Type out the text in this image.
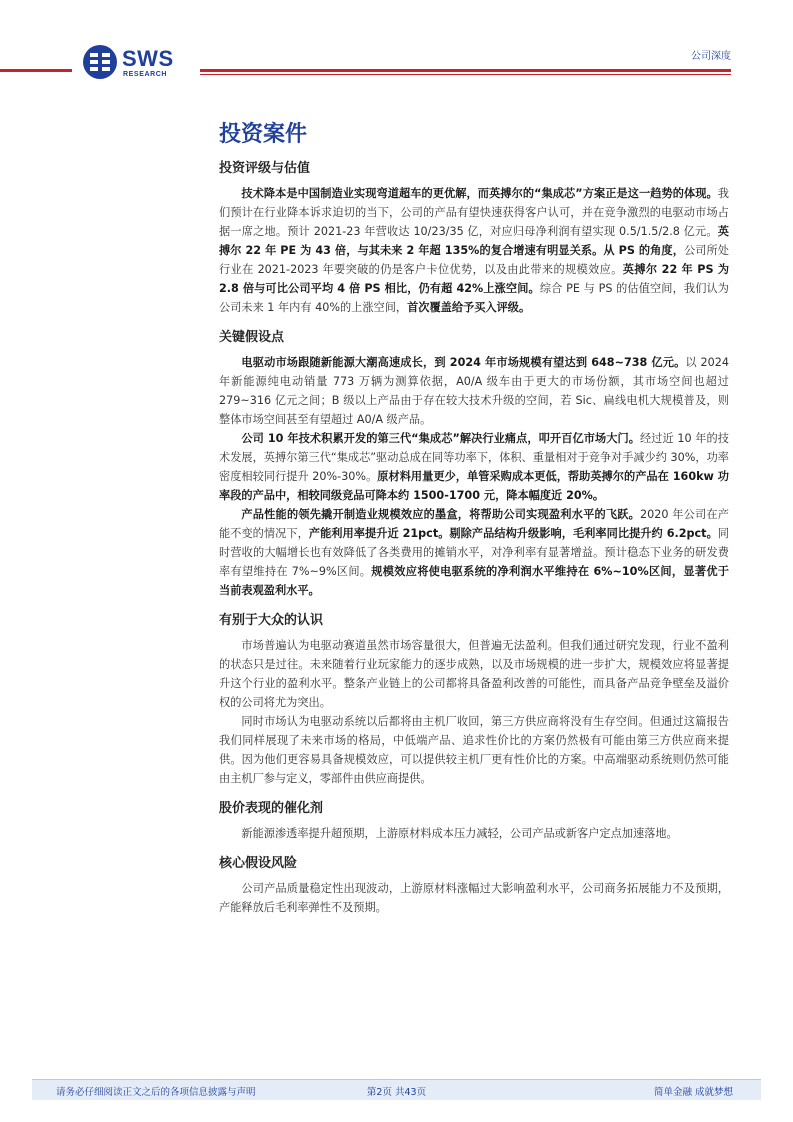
SWS
RESEARCH
公司深度
投资案件
投资评级与估值

技术降本是中国制造业实现弯道超车的更优解，而英搏尔的“集成芯”方案正是这一趋势的体现。我们预计在行业降本诉求迫切的当下，公司的产品有望快速获得客户认可，并在竞争激烈的电驱动市场占据一席之地。预计 2021-23 年营收达 10/23/35 亿，对应归母净利润有望实现 0.5/1.5/2.8 亿元。英搏尔 22 年 PE 为 43 倍，与其未来 2 年超 135%的复合增速有明显关系。从 PS 的角度，公司所处行业在 2021-2023 年要突破的仍是客户卡位优势，以及由此带来的规模效应。英搏尔 22 年 PS 为 2.8 倍与可比公司平均 4 倍 PS 相比，仍有超 42%上涨空间。综合 PE 与 PS 的估值空间，我们认为公司未来 1 年内有 40%的上涨空间，首次覆盖给予买入评级。

关键假设点

电驱动市场跟随新能源大潮高速成长，到 2024 年市场规模有望达到 648~738 亿元。以 2024 年新能源纯电动销量 773 万辆为测算依据，A0/A 级车由于更大的市场份额，其市场空间也超过 279~316 亿元之间；B 级以上产品由于存在较大技术升级的空间，若 Sic、扁线电机大规模普及，则整体市场空间甚至有望超过 A0/A 级产品。

公司 10 年技术积累开发的第三代“集成芯”解决行业痛点，叩开百亿市场大门。经过近 10 年的技术发展，英搏尔第三代“集成芯”驱动总成在同等功率下，体积、重量相对于竞争对手减少约 30%，功率密度相较同行提升 20%-30%。原材料用量更少，单管采购成本更低，帮助英搏尔的产品在 160kw 功率段的产品中，相较同级竞品可降本约 1500-1700 元，降本幅度近 20%。

产品性能的领先撬开制造业规模效应的墨盒，将帮助公司实现盈利水平的飞跃。2020 年公司在产能不变的情况下，产能利用率提升近 21pct。剔除产品结构升级影响，毛利率同比提升约 6.2pct。同时营收的大幅增长也有效降低了各类费用的摊销水平，对净利率有显著增益。预计稳态下业务的研发费率有望维持在 7%~9%区间。规模效应将使电驱系统的净利润水平维持在 6%~10%区间，显著优于当前表观盈利水平。

有别于大众的认识

市场普遍认为电驱动赛道虽然市场容量很大，但普遍无法盈利。但我们通过研究发现，行业不盈利的状态只是过往。未来随着行业玩家能力的逐步成熟，以及市场规模的进一步扩大，规模效应将显著提升这个行业的盈利水平。整条产业链上的公司都将具备盈利改善的可能性，而具备产品竞争壁垒及溢价权的公司将尤为突出。

同时市场认为电驱动系统以后都将由主机厂收回，第三方供应商将没有生存空间。但通过这篇报告我们同样展现了未来市场的格局，中低端产品、追求性价比的方案仍然极有可能由第三方供应商来提供。因为他们更容易具备规模效应，可以提供较主机厂更有性价比的方案。中高端驱动系统则仍然可能由主机厂参与定义，零部件由供应商提供。

股价表现的催化剂

新能源渗透率提升超预期，上游原材料成本压力减轻，公司产品或新客户定点加速落地。

核心假设风险

公司产品质量稳定性出现波动，上游原材料涨幅过大影响盈利水平，公司商务拓展能力不及预期，产能释放后毛利率弹性不及预期。

请务必仔细阅读正文之后的各项信息披露与声明	第2页 共43页	简单金融 成就梦想
